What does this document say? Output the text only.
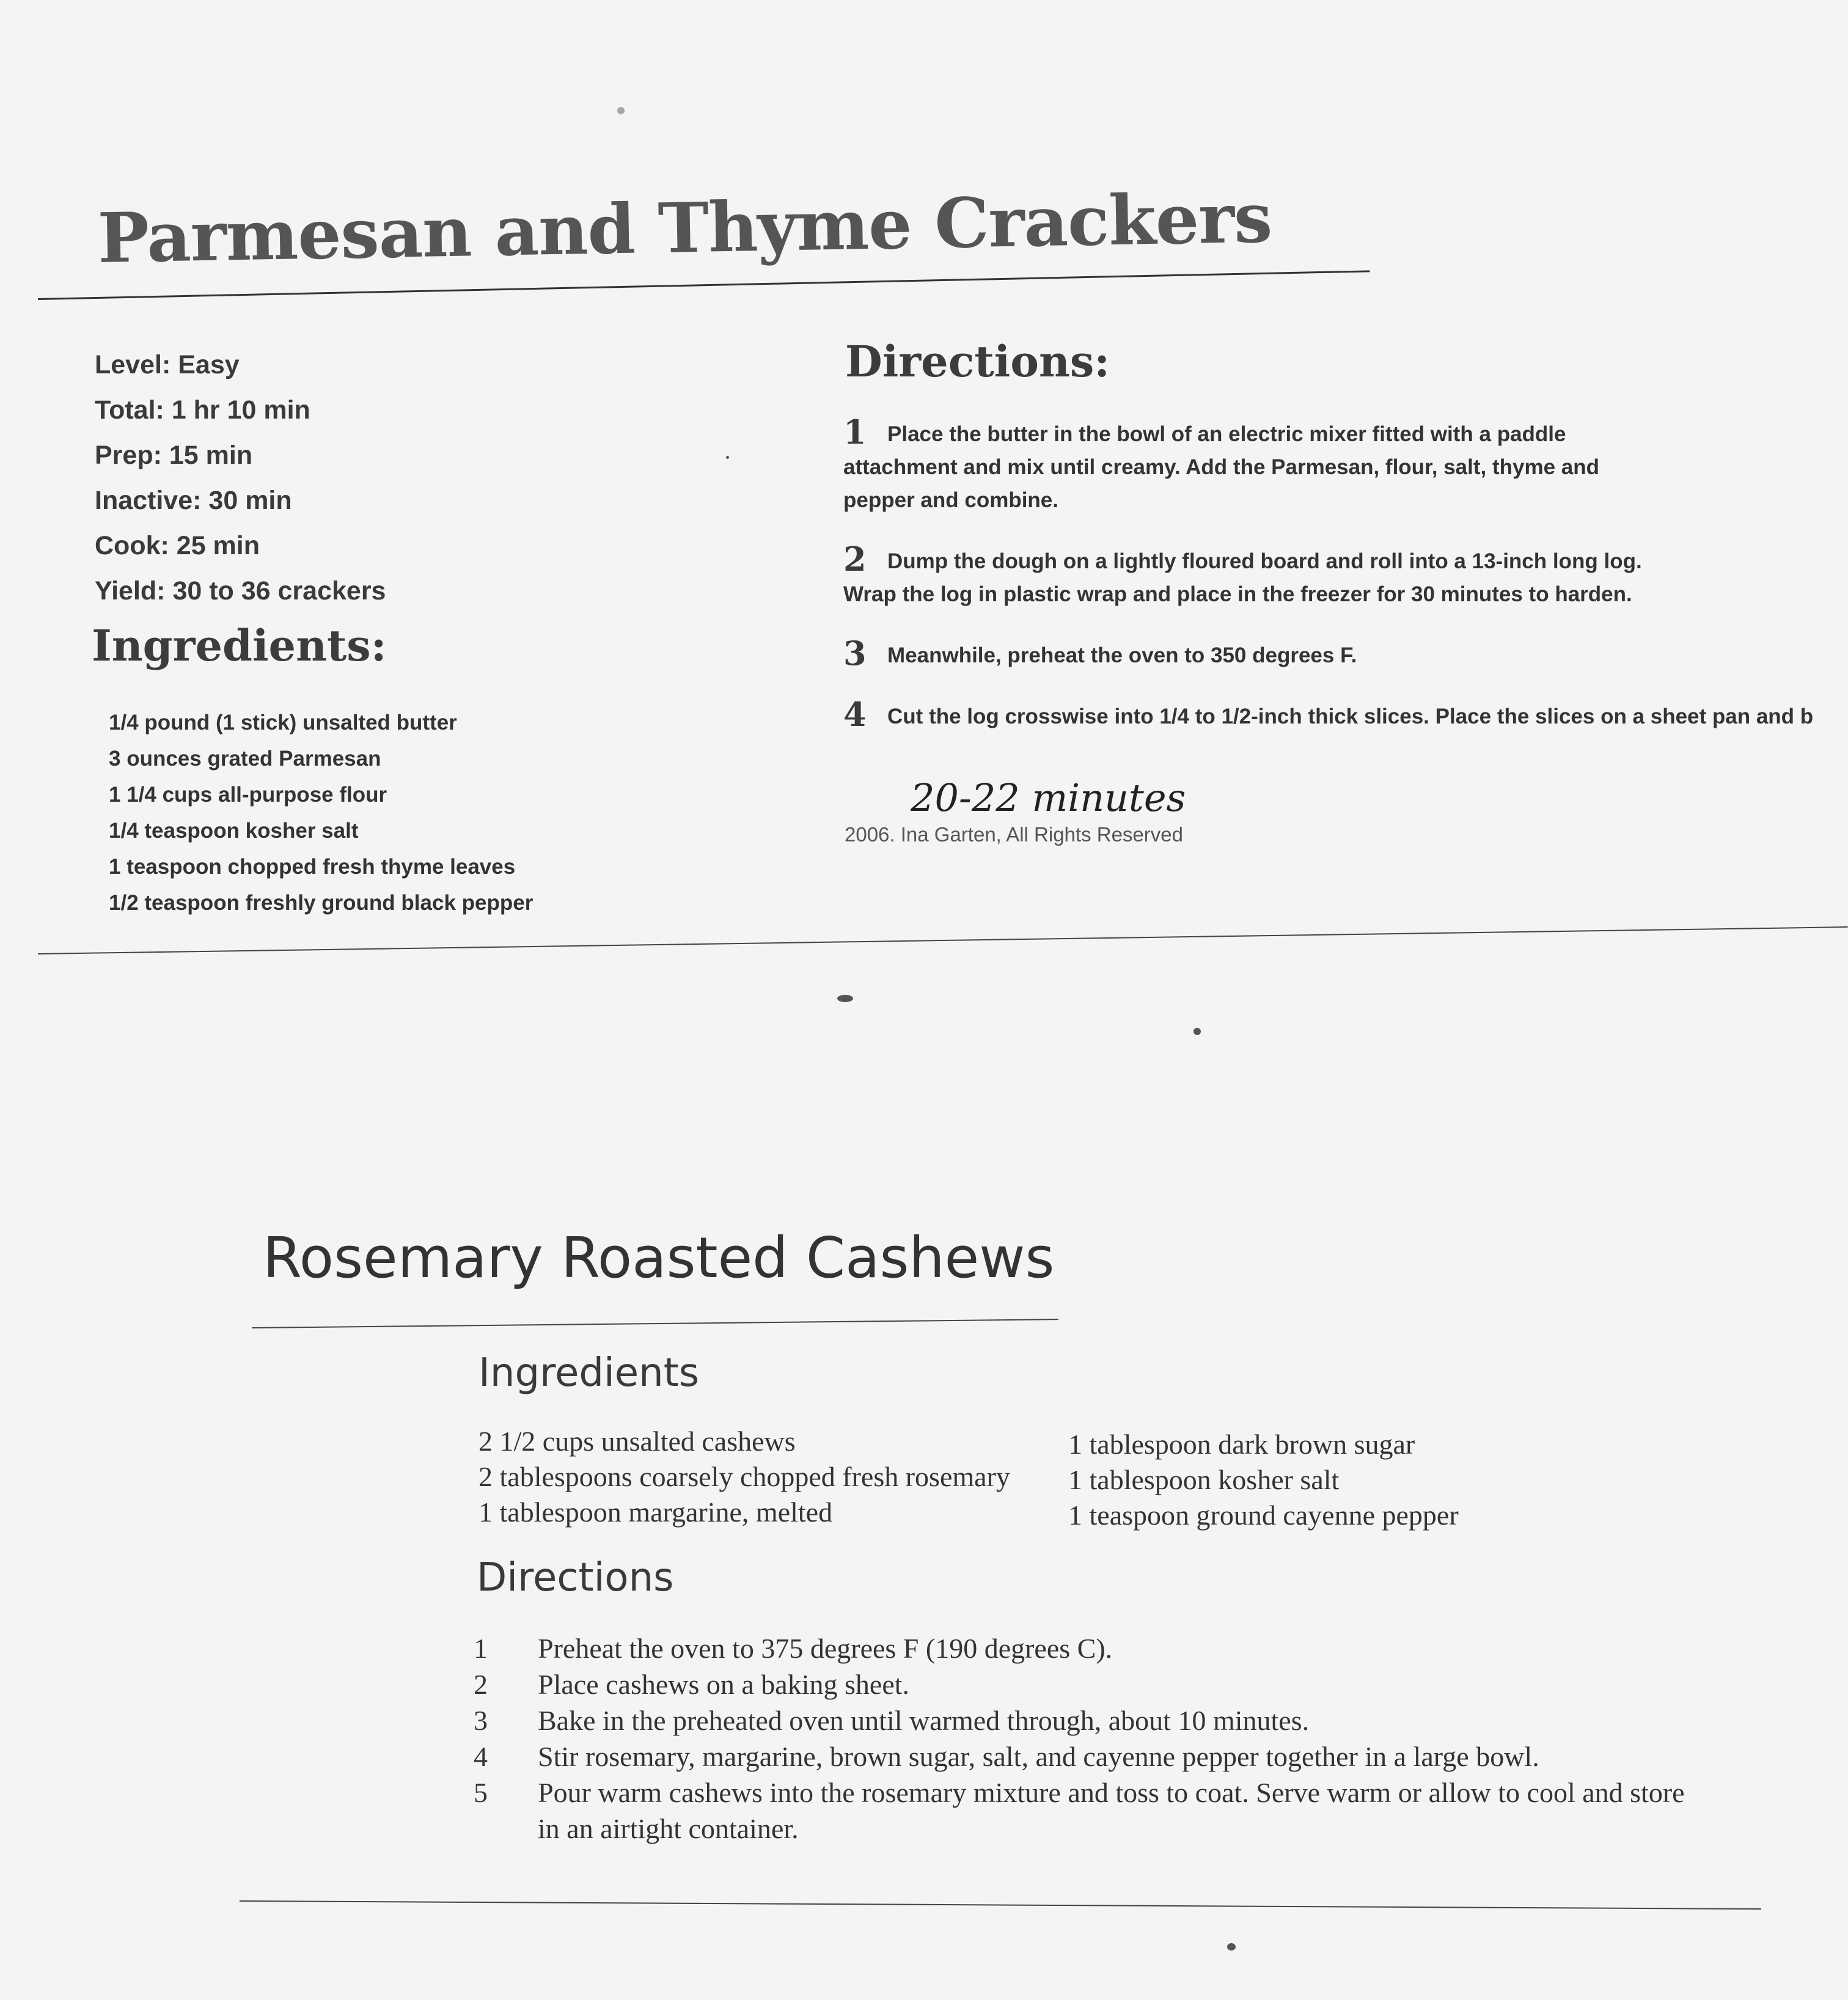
Parmesan and Thyme Crackers
Level: Easy
Total: 1 hr 10 min
Prep: 15 min
Inactive: 30 min
Cook: 25 min
Yield: 30 to 36 crackers
Ingredients:
1/4 pound (1 stick) unsalted butter
3 ounces grated Parmesan
1 1/4 cups all-purpose flour
1/4 teaspoon kosher salt
1 teaspoon chopped fresh thyme leaves
1/2 teaspoon freshly ground black pepper
Directions:
1 Place the butter in the bowl of an electric mixer fitted with a paddle attachment and mix until creamy. Add the Parmesan, flour, salt, thyme and pepper and combine.
2 Dump the dough on a lightly floured board and roll into a 13-inch long log. Wrap the log in plastic wrap and place in the freezer for 30 minutes to harden.
3 Meanwhile, preheat the oven to 350 degrees F.
4 Cut the log crosswise into 1/4 to 1/2-inch thick slices. Place the slices on a sheet pan and b
20-22 minutes
2006. Ina Garten, All Rights Reserved
Rosemary Roasted Cashews
Ingredients
2 1/2 cups unsalted cashews
2 tablespoons coarsely chopped fresh rosemary
1 tablespoon margarine, melted
1 tablespoon dark brown sugar
1 tablespoon kosher salt
1 teaspoon ground cayenne pepper
Directions
1 Preheat the oven to 375 degrees F (190 degrees C).
2 Place cashews on a baking sheet.
3 Bake in the preheated oven until warmed through, about 10 minutes.
4 Stir rosemary, margarine, brown sugar, salt, and cayenne pepper together in a large bowl.
5 Pour warm cashews into the rosemary mixture and toss to coat. Serve warm or allow to cool and store in an airtight container.
